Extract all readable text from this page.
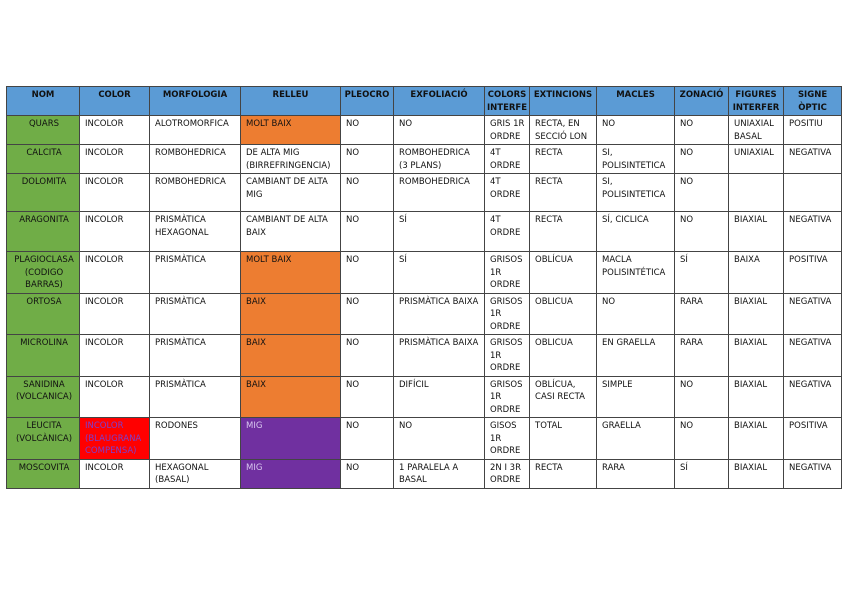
NOM	COLOR	MORFOLOGIA	RELLEU	PLEOCRO	EXFOLIACIÓ	COLORS INTERFE	EXTINCIONS	MACLES	ZONACIÓ	FIGURES INTERFER	SIGNE ÒPTIC
QUARS	INCOLOR	ALOTROMORFICA	MOLT BAIX	NO	NO	GRIS 1R ORDRE	RECTA, EN SECCIÓ LON	NO	NO	UNIAXIAL BASAL	POSITIU
CALCITA	INCOLOR	ROMBOHEDRICA	DE ALTA MIG (BIRREFRINGENCIA)	NO	ROMBOHEDRICA (3 PLANS)	4T ORDRE	RECTA	SI, POLISINTETICA	NO	UNIAXIAL	NEGATIVA
DOLOMITA	INCOLOR	ROMBOHEDRICA	CAMBIANT DE ALTA MIG	NO	ROMBOHEDRICA	4T ORDRE	RECTA	SI, POLISINTETICA	NO		
ARAGONITA	INCOLOR	PRISMÀTICA HEXAGONAL	CAMBIANT DE ALTA BAIX	NO	SÍ	4T ORDRE	RECTA	SÍ, CICLICA	NO	BIAXIAL	NEGATIVA
PLAGIOCLASA (CODIGO BARRAS)	INCOLOR	PRISMÀTICA	MOLT BAIX	NO	SÍ	GRISOS 1R ORDRE	OBLÍCUA	MACLA POLISINTÉTICA	SÍ	BAIXA	POSITIVA
ORTOSA	INCOLOR	PRISMÀTICA	BAIX	NO	PRISMÀTICA BAIXA	GRISOS 1R ORDRE	OBLICUA	NO	RARA	BIAXIAL	NEGATIVA
MICROLINA	INCOLOR	PRISMÀTICA	BAIX	NO	PRISMÀTICA BAIXA	GRISOS 1R ORDRE	OBLICUA	EN GRAELLA	RARA	BIAXIAL	NEGATIVA
SANIDINA (VOLCANICA)	INCOLOR	PRISMÀTICA	BAIX	NO	DIFÍCIL	GRISOS 1R ORDRE	OBLÍCUA, CASI RECTA	SIMPLE	NO	BIAXIAL	NEGATIVA
LEUCITA (VOLCÀNICA)	INCOLOR (BLAUGRANA COMPENSA)	RODONES	MIG	NO	NO	GISOS 1R ORDRE	TOTAL	GRAELLA	NO	BIAXIAL	POSITIVA
MOSCOVITA	INCOLOR	HEXAGONAL (BASAL)	MIG	NO	1 PARALELA A BASAL	2N I 3R ORDRE	RECTA	RARA	SÍ	BIAXIAL	NEGATIVA
